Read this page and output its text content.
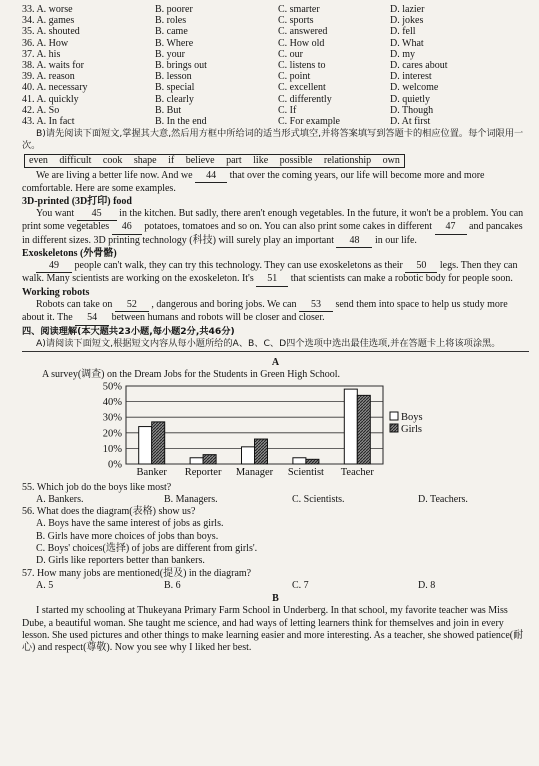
33. A. worse	B. poorer	C. smarter	D. lazier
34. A. games	B. roles	C. sports	D. jokes
35. A. shouted	B. came	C. answered	D. fell
36. A. How	B. Where	C. How old	D. What
37. A. his	B. your	C. our	D. my
38. A. waits for	B. brings out	C. listens to	D. cares about
39. A. reason	B. lesson	C. point	D. interest
40. A. necessary	B. special	C. excellent	D. welcome
41. A. quickly	B. clearly	C. differently	D. quietly
42. A. So	B. But	C. If	D. Though
43. A. In fact	B. In the end	C. For example	D. At first

B)请先阅读下面短文,掌握其大意,然后用方框中所给词的适当形式填空,并将答案填写到答题卡的相应位置。每个词限用一次。

even difficult cook shape if believe part like possible relationship own

We are living a better life now. And we 44 that over the coming years, our life will become more and more comfortable. Here are some examples.

3D-printed (3D打印) food

You want 45 in the kitchen. But sadly, there aren't enough vegetables. In the future, it won't be a problem. You can print some vegetables 46 potatoes, tomatoes and so on. You can also print some cakes in different 47 and pancakes in different sizes. 3D printing technology (科技) will surely play an important 48 in our life.

Exoskeletons (外骨骼)

49 people can't walk, they can try this technology. They can use exoskeletons as their 50 legs. Then they can walk. Many scientists are working on the exoskeleton. It's 51 that scientists can make a robotic body for people soon.

Working robots

Robots can take on 52 , dangerous and boring jobs. We can 53 send them into space to help us study more about it. The 54 between humans and robots will be closer and closer.

四、阅读理解(本大题共23小题,每小题2分,共46分)

A)请阅读下面短文,根据短文内容从每小题所给的A、B、C、D四个选项中选出最佳选项,并在答题卡上将该项涂黑。

A

A survey(调查) on the Dream Jobs for the Students in Green High School.

0%
10%
20%
30%
40%
50%
Banker Reporter Manager Scientist Teacher
Boys
Girls

55. Which job do the boys like most?

A. Bankers.	B. Managers.	C. Scientists.	D. Teachers.

56. What does the diagram(表格) show us?

A. Boys have the same interest of jobs as girls.

B. Girls have more choices of jobs than boys.

C. Boys' choices(选择) of jobs are different from girls'.

D. Girls like reporters better than bankers.

57. How many jobs are mentioned(提及) in the diagram?

A. 5	B. 6	C. 7	D. 8

B

I started my schooling at Thukeyana Primary Farm School in Underberg. In that school, my favorite teacher was Miss Dube, a beautiful woman. She taught me science, and had ways of letting learners think for themselves and join in every lesson. She used pictures and other things to make learning easier and more interesting. As a teacher, she showed patience(耐心) and respect(尊敬). Now you see why I liked her best.
